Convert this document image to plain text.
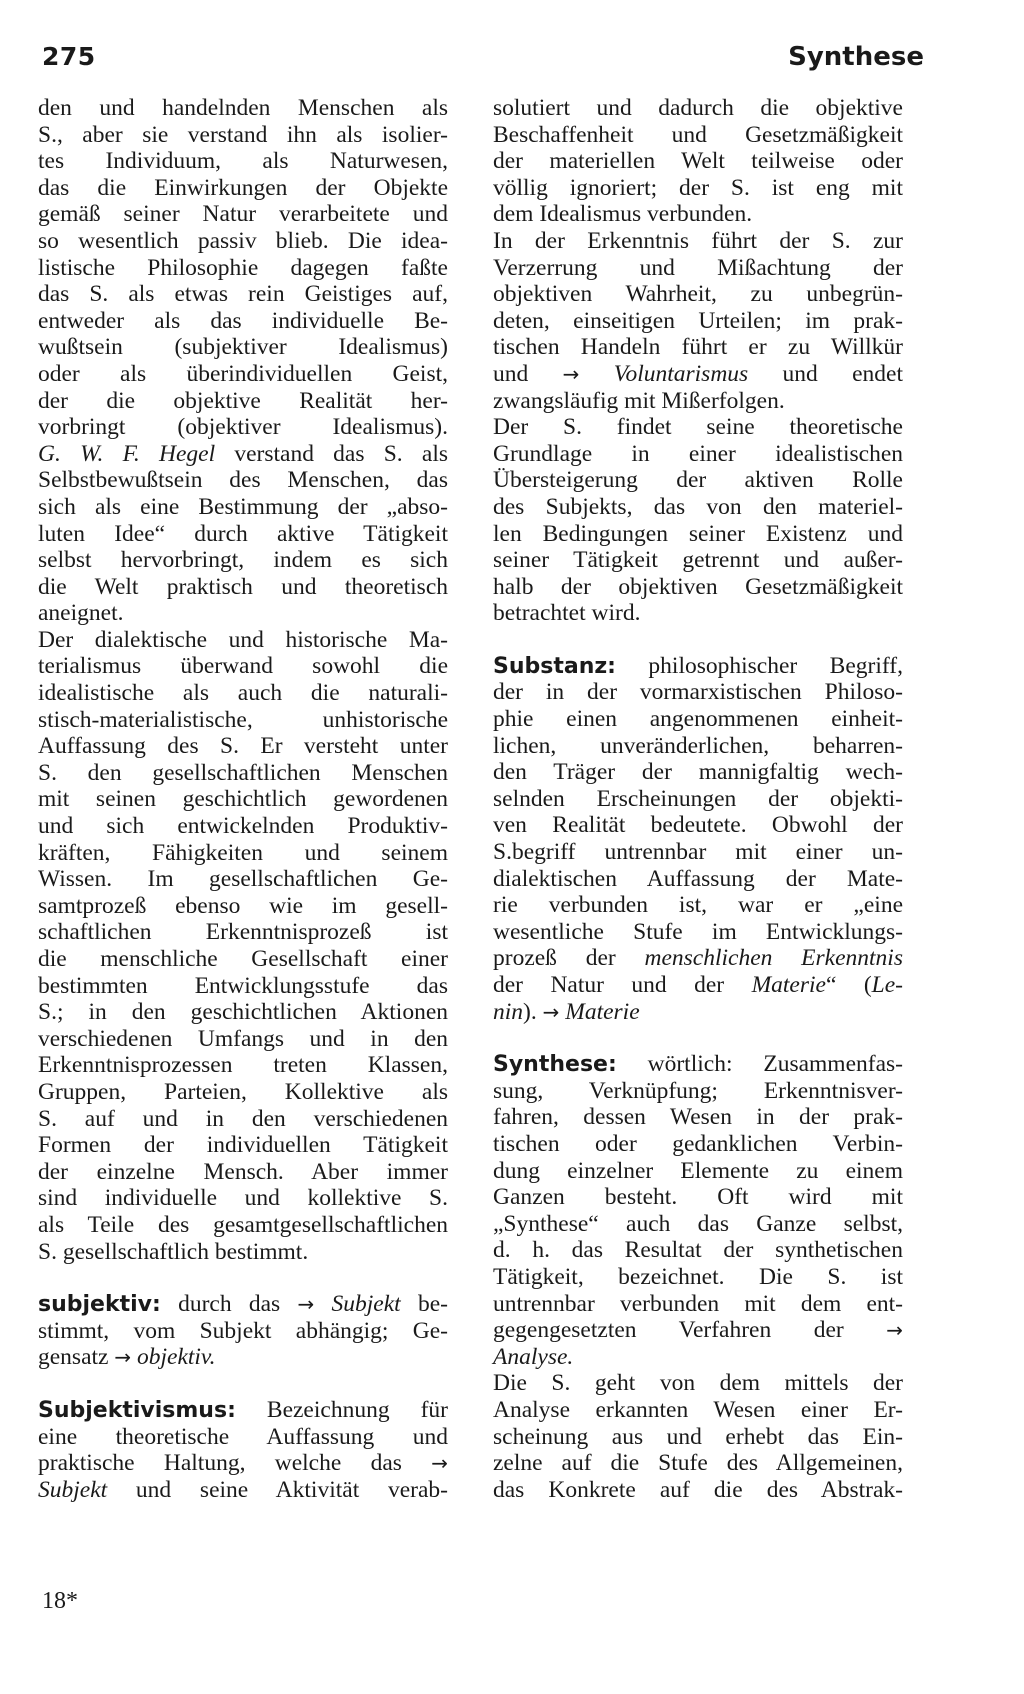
275	Synthese
den und handelnden Menschen als
S., aber sie verstand ihn als isolier-
tes Individuum, als Naturwesen,
das die Einwirkungen der Objekte
gemäß seiner Natur verarbeitete und
so wesentlich passiv blieb. Die idea-
listische Philosophie dagegen faßte
das S. als etwas rein Geistiges auf,
entweder als das individuelle Be-
wußtsein (subjektiver Idealismus)
oder als überindividuellen Geist,
der die objektive Realität her-
vorbringt (objektiver Idealismus).
G. W. F. Hegel verstand das S. als
Selbstbewußtsein des Menschen, das
sich als eine Bestimmung der „abso-
luten Idee“ durch aktive Tätigkeit
selbst hervorbringt, indem es sich
die Welt praktisch und theoretisch
aneignet.
Der dialektische und historische Ma-
terialismus überwand sowohl die
idealistische als auch die naturali-
stisch-materialistische, unhistorische
Auffassung des S. Er versteht unter
S. den gesellschaftlichen Menschen
mit seinen geschichtlich gewordenen
und sich entwickelnden Produktiv-
kräften, Fähigkeiten und seinem
Wissen. Im gesellschaftlichen Ge-
samtprozeß ebenso wie im gesell-
schaftlichen Erkenntnisprozeß ist
die menschliche Gesellschaft einer
bestimmten Entwicklungsstufe das
S.; in den geschichtlichen Aktionen
verschiedenen Umfangs und in den
Erkenntnisprozessen treten Klassen,
Gruppen, Parteien, Kollektive als
S. auf und in den verschiedenen
Formen der individuellen Tätigkeit
der einzelne Mensch. Aber immer
sind individuelle und kollektive S.
als Teile des gesamtgesellschaftlichen
S. gesellschaftlich bestimmt.
subjektiv: durch das → Subjekt be-
stimmt, vom Subjekt abhängig; Ge-
gensatz → objektiv.
Subjektivismus: Bezeichnung für
eine theoretische Auffassung und
praktische Haltung, welche das →
Subjekt und seine Aktivität verab-
solutiert und dadurch die objektive
Beschaffenheit und Gesetzmäßigkeit
der materiellen Welt teilweise oder
völlig ignoriert; der S. ist eng mit
dem Idealismus verbunden.
In der Erkenntnis führt der S. zur
Verzerrung und Mißachtung der
objektiven Wahrheit, zu unbegrün-
deten, einseitigen Urteilen; im prak-
tischen Handeln führt er zu Willkür
und → Voluntarismus und endet
zwangsläufig mit Mißerfolgen.
Der S. findet seine theoretische
Grundlage in einer idealistischen
Übersteigerung der aktiven Rolle
des Subjekts, das von den materiel-
len Bedingungen seiner Existenz und
seiner Tätigkeit getrennt und außer-
halb der objektiven Gesetzmäßigkeit
betrachtet wird.
Substanz: philosophischer Begriff,
der in der vormarxistischen Philoso-
phie einen angenommenen einheit-
lichen, unveränderlichen, beharren-
den Träger der mannigfaltig wech-
selnden Erscheinungen der objekti-
ven Realität bedeutete. Obwohl der
S.begriff untrennbar mit einer un-
dialektischen Auffassung der Mate-
rie verbunden ist, war er „eine
wesentliche Stufe im Entwicklungs-
prozeß der menschlichen Erkenntnis
der Natur und der Materie“ (Le-
nin). → Materie
Synthese: wörtlich: Zusammenfas-
sung, Verknüpfung; Erkenntnisver-
fahren, dessen Wesen in der prak-
tischen oder gedanklichen Verbin-
dung einzelner Elemente zu einem
Ganzen besteht. Oft wird mit
„Synthese“ auch das Ganze selbst,
d. h. das Resultat der synthetischen
Tätigkeit, bezeichnet. Die S. ist
untrennbar verbunden mit dem ent-
gegengesetzten Verfahren der →
Analyse.
Die S. geht von dem mittels der
Analyse erkannten Wesen einer Er-
scheinung aus und erhebt das Ein-
zelne auf die Stufe des Allgemeinen,
das Konkrete auf die des Abstrak-
18*
